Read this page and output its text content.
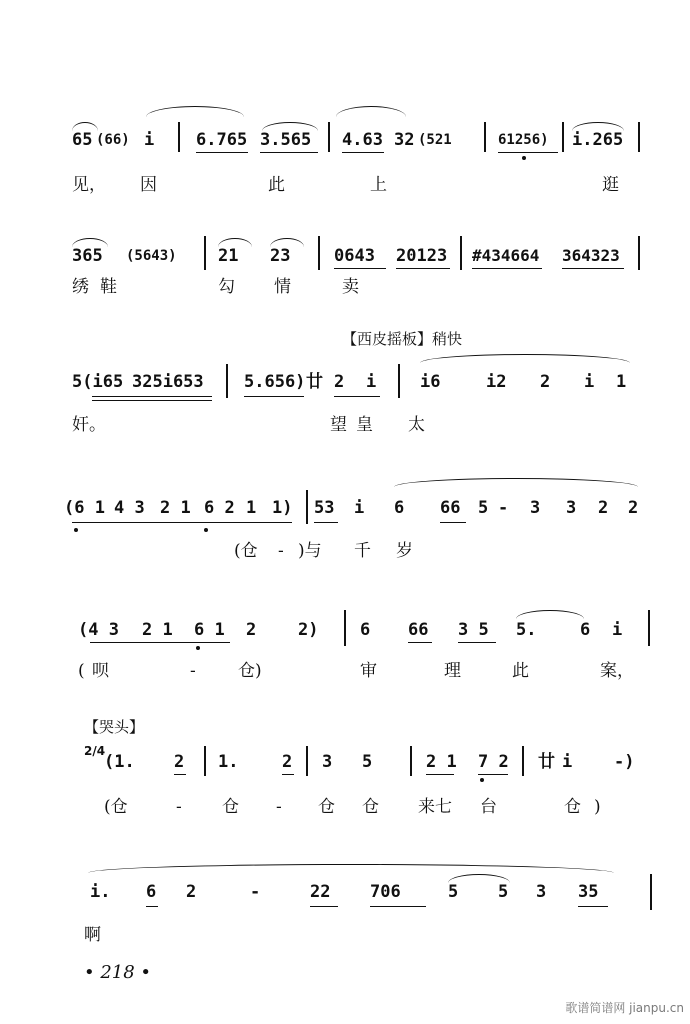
65 (66) i 6.765 3.565 4.63 32 (521	61256) i.265
见， 因	此	上	逛
365 (5643) 21 23	0643 20123 #434664 364323
绣 鞋	勾 情	卖
【西皮摇板】稍快
5(i65 325i653 5.656) 廿 2 i	i6	i2 2 i 1
奸。	望 皇 太
(6 1 4 3 2 1 6 2 1 1) 53 i 6 66 5 - 3 3 2 2
(仓 - )与 千 岁
(4 3 2 1 6 1 2 2) 6 66 3 5 5.	6 i
( 呗	- 仓)	审	理	此	案，
【哭头】
2/4
(1. 2 1.	2 3 5	2 1 7 2 廿 i -)
(仓	- 仓 - 仓 仓 来七 台	仓 )
i. 6 2	-	22 706	5 5 3 35
啊
• 218 •
歌谱简谱网 jianpu.cn
